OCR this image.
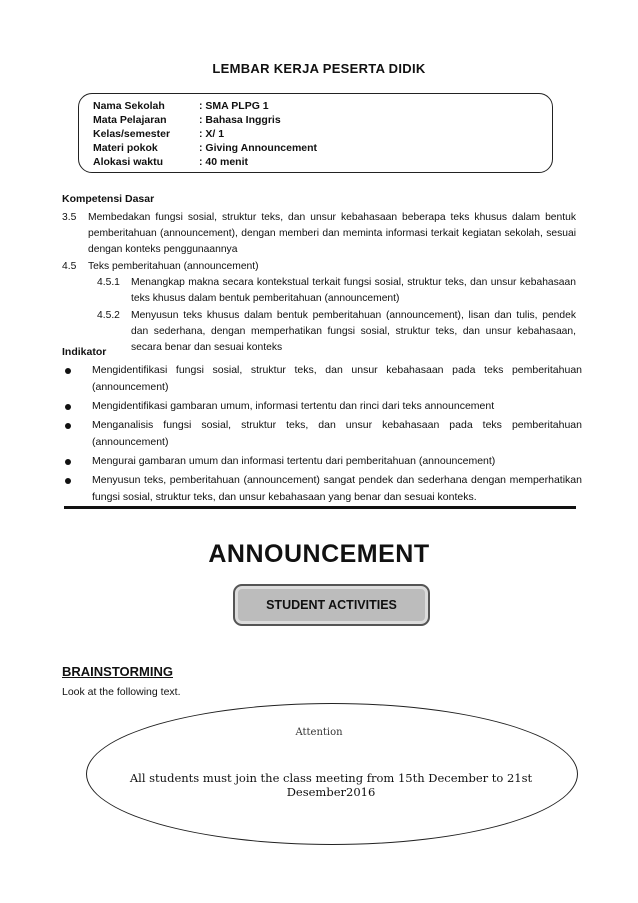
LEMBAR KERJA PESERTA DIDIK
Nama Sekolah	: SMA PLPG 1
Mata Pelajaran	: Bahasa Inggris
Kelas/semester	: X/ 1
Materi pokok	: Giving Announcement
Alokasi waktu	: 40 menit
Kompetensi Dasar
3.5 Membedakan fungsi sosial, struktur teks, dan unsur kebahasaan beberapa teks khusus dalam bentuk pemberitahuan (announcement), dengan memberi dan meminta informasi terkait kegiatan sekolah, sesuai dengan konteks penggunaannya
4.5 Teks pemberitahuan (announcement)
4.5.1 Menangkap makna secara kontekstual terkait fungsi sosial, struktur teks, dan unsur kebahasaan teks khusus dalam bentuk pemberitahuan (announcement)
4.5.2 Menyusun teks khusus dalam bentuk pemberitahuan (announcement), lisan dan tulis, pendek dan sederhana, dengan memperhatikan fungsi sosial, struktur teks, dan unsur kebahasaan, secara benar dan sesuai konteks
Indikator
Mengidentifikasi fungsi sosial, struktur teks, dan unsur kebahasaan pada teks pemberitahuan (announcement)
Mengidentifikasi gambaran umum, informasi tertentu dan rinci dari teks announcement
Menganalisis fungsi sosial, struktur teks, dan unsur kebahasaan pada teks pemberitahuan (announcement)
Mengurai gambaran umum dan informasi tertentu dari pemberitahuan (announcement)
Menyusun teks, pemberitahuan (announcement) sangat pendek dan sederhana dengan memperhatikan fungsi sosial, struktur teks, dan unsur kebahasaan yang benar dan sesuai konteks.
ANNOUNCEMENT
STUDENT ACTIVITIES
BRAINSTORMING
Look at the following text.
Attention
All students must join the class meeting from 15th December to 21st Desember2016
